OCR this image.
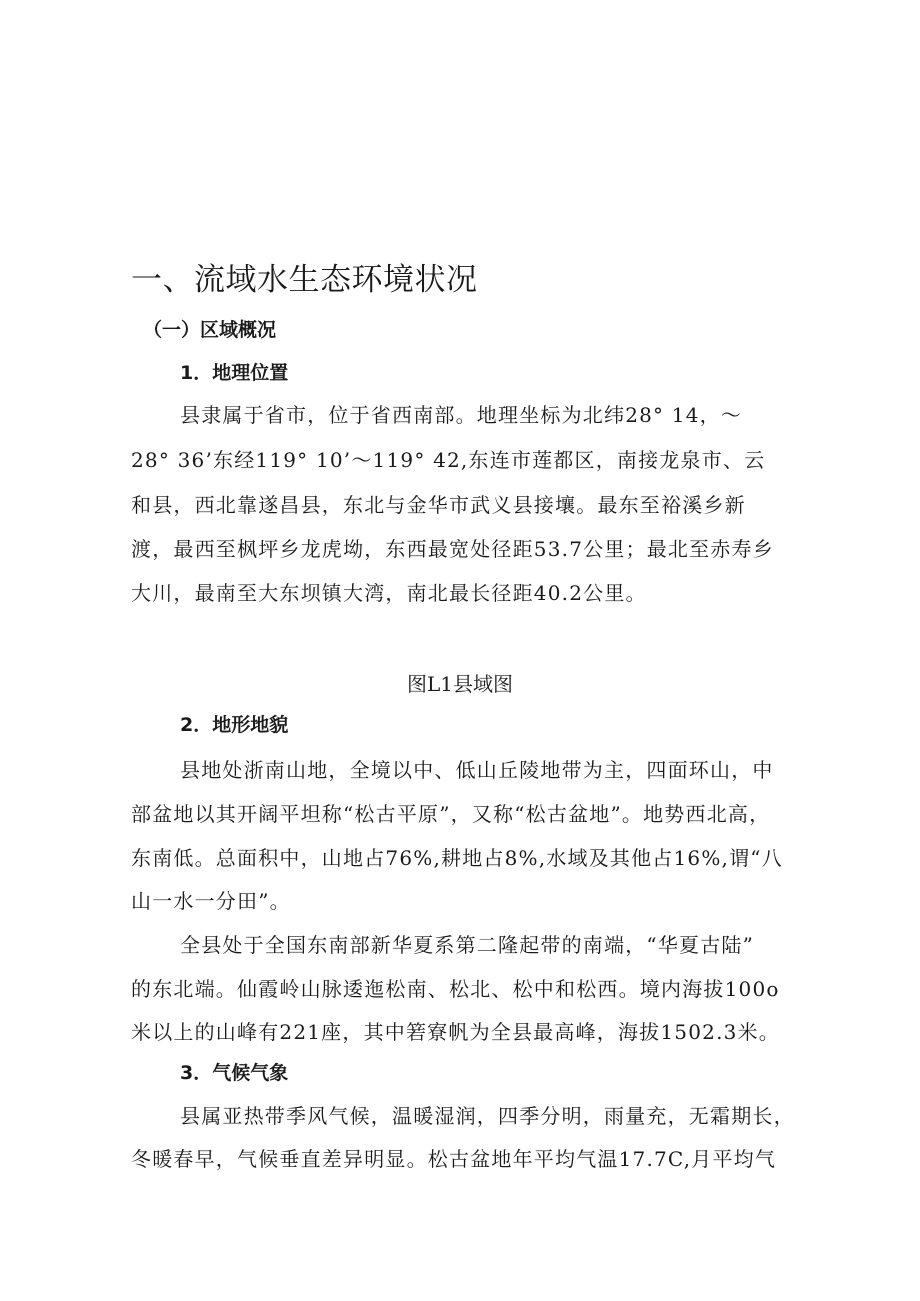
一、流域水生态环境状况
（一）区域概况
1．地理位置
县隶属于省市，位于省西南部。地理坐标为北纬28° 14，～
28° 36’东经119° 10’～119° 42,东连市莲都区，南接龙泉市、云
和县，西北靠遂昌县，东北与金华市武义县接壤。最东至裕溪乡新
渡，最西至枫坪乡龙虎坳，东西最宽处径距53.7公里；最北至赤寿乡
大川，最南至大东坝镇大湾，南北最长径距40.2公里。
图L1县域图
2．地形地貌
县地处浙南山地，全境以中、低山丘陵地带为主，四面环山，中
部盆地以其开阔平坦称“松古平原”，又称“松古盆地”。地势西北高，
东南低。总面积中，山地占76%,耕地占8%,水域及其他占16%,谓“八
山一水一分田”。
全县处于全国东南部新华夏系第二隆起带的南端，“华夏古陆”
的东北端。仙霞岭山脉逶迤松南、松北、松中和松西。境内海拔100o
米以上的山峰有221座，其中箬寮帆为全县最高峰，海拔1502.3米。
3．气候气象
县属亚热带季风气候，温暖湿润，四季分明，雨量充，无霜期长，
冬暖春早，气候垂直差异明显。松古盆地年平均气温17.7C,月平均气
